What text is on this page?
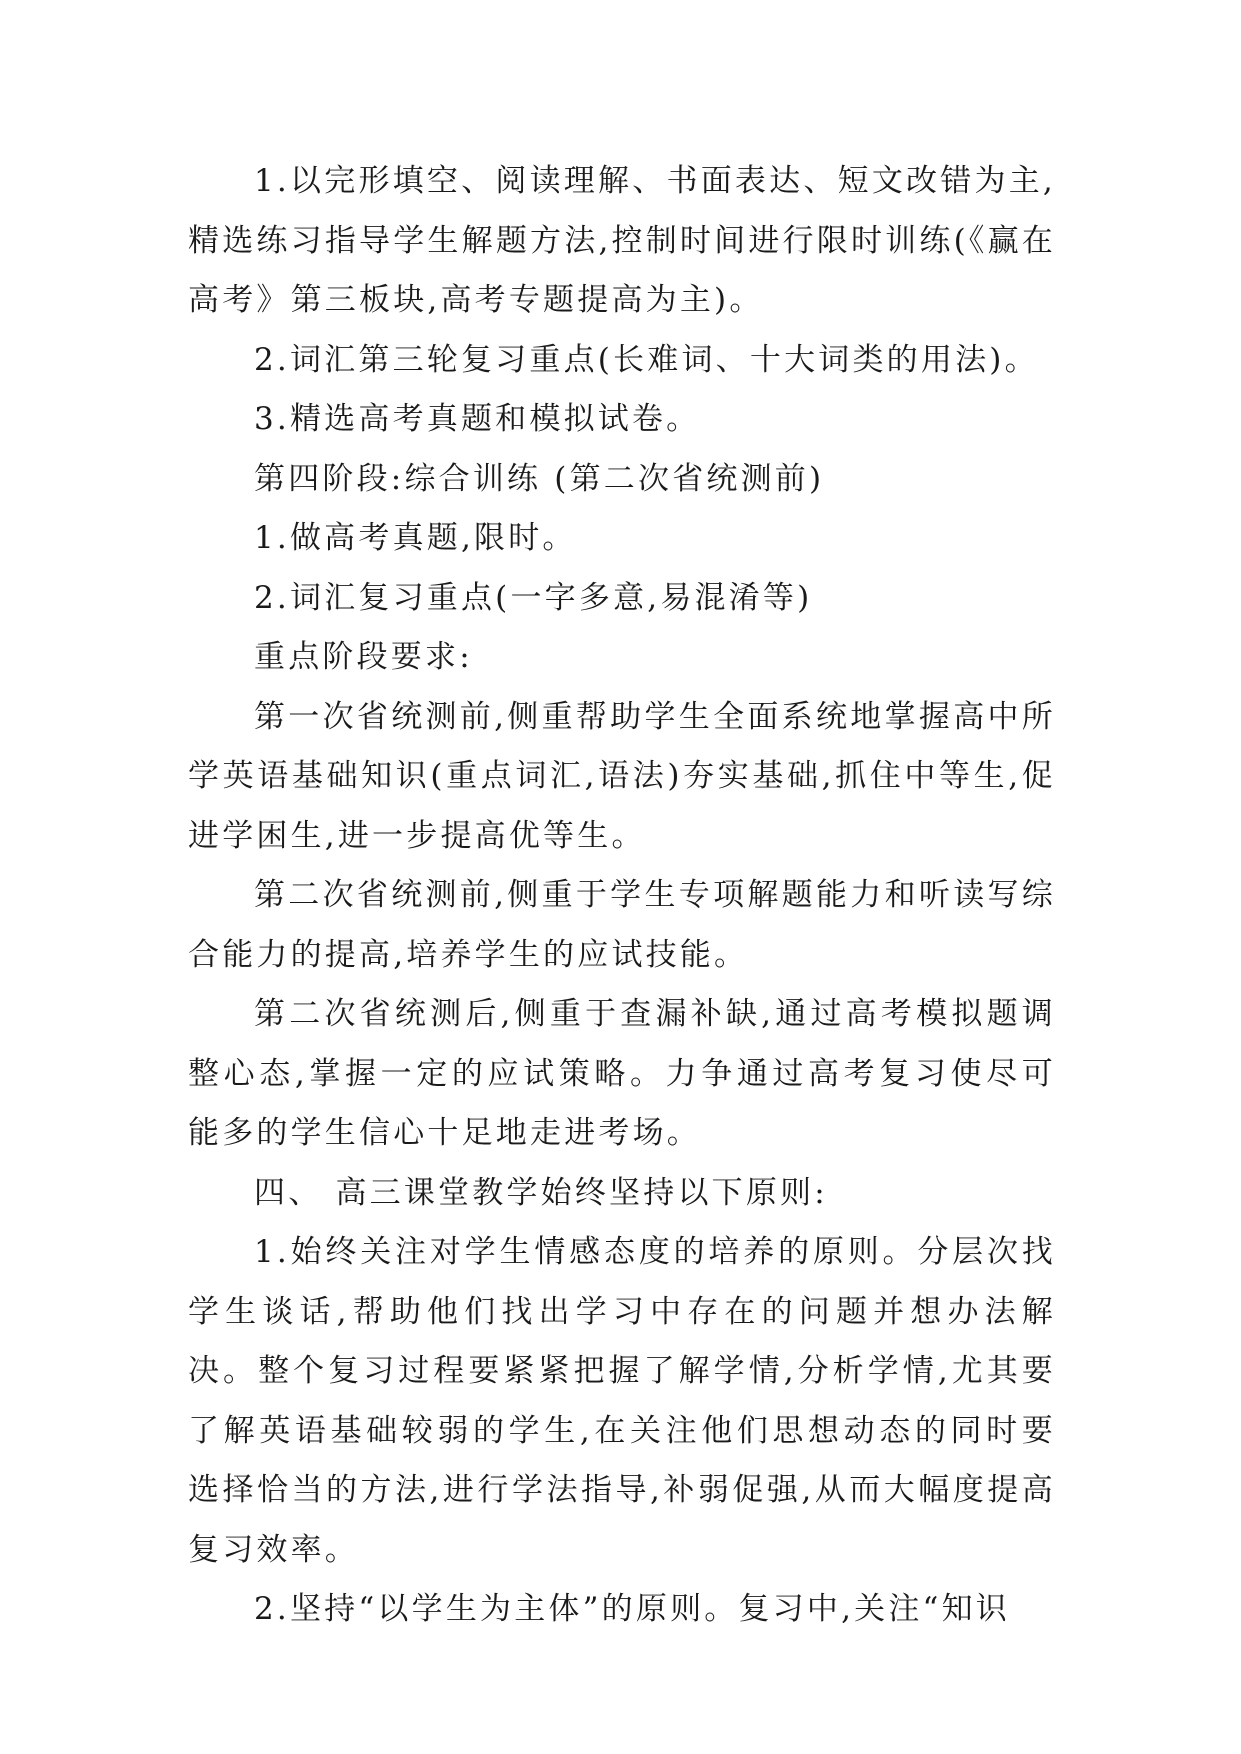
1.以完形填空、阅读理解、书面表达、短文改错为主,精选练习指导学生解题方法,控制时间进行限时训练(《赢在高考》第三板块,高考专题提高为主)。

2.词汇第三轮复习重点(长难词、十大词类的用法)。

3.精选高考真题和模拟试卷。

第四阶段:综合训练 (第二次省统测前)

1.做高考真题,限时。

2.词汇复习重点(一字多意,易混淆等)

重点阶段要求:

第一次省统测前,侧重帮助学生全面系统地掌握高中所学英语基础知识(重点词汇,语法)夯实基础,抓住中等生,促进学困生,进一步提高优等生。

第二次省统测前,侧重于学生专项解题能力和听读写综合能力的提高,培养学生的应试技能。

第二次省统测后,侧重于查漏补缺,通过高考模拟题调整心态,掌握一定的应试策略。力争通过高考复习使尽可能多的学生信心十足地走进考场。

四、 高三课堂教学始终坚持以下原则:

1.始终关注对学生情感态度的培养的原则。分层次找学生谈话,帮助他们找出学习中存在的问题并想办法解决。整个复习过程要紧紧把握了解学情,分析学情,尤其要了解英语基础较弱的学生,在关注他们思想动态的同时要选择恰当的方法,进行学法指导,补弱促强,从而大幅度提高复习效率。

2.坚持“以学生为主体”的原则。复习中,关注“知识
